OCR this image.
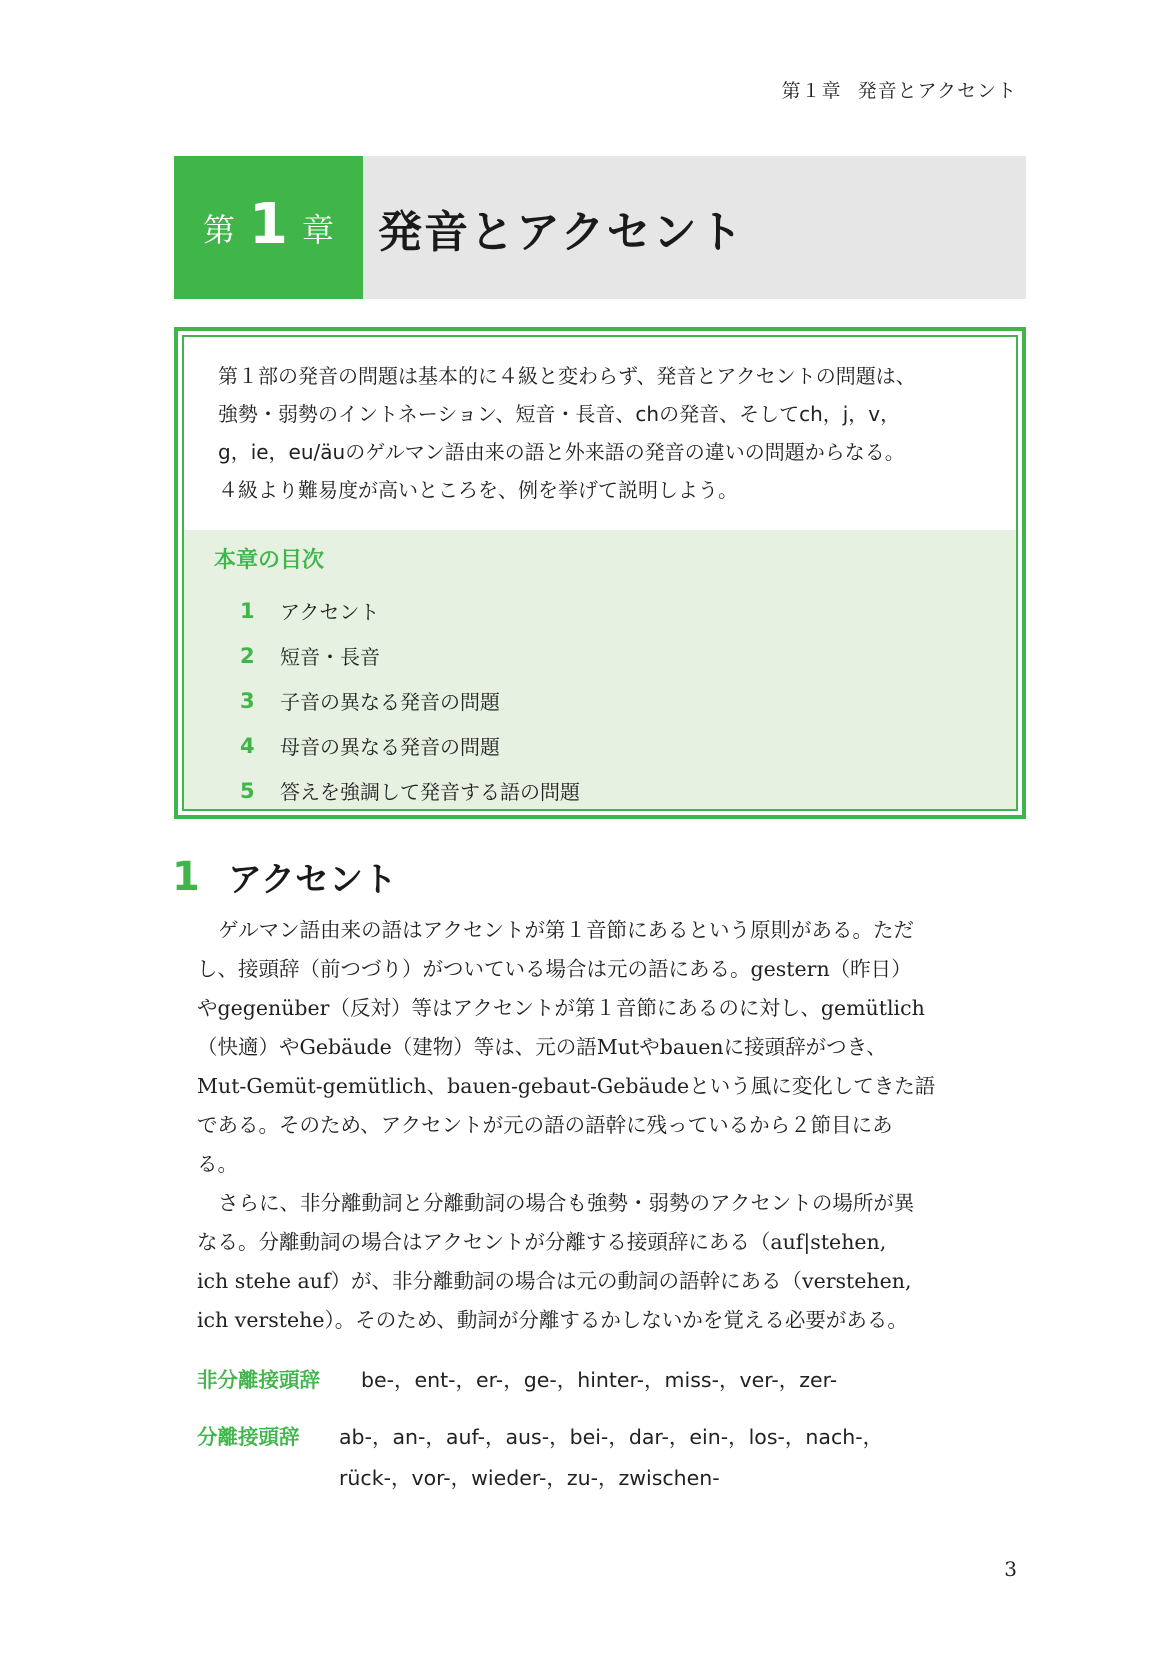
第１章 発音とアクセント
第 1 章 発音とアクセント

第１部の発音の問題は基本的に４級と変わらず、発音とアクセントの問題は、

強勢・弱勢のイントネーション、短音・長音、chの発音、そしてch，j，v，

g，ie，eu/äuのゲルマン語由来の語と外来語の発音の違いの問題からなる。

４級より難易度が高いところを、例を挙げて説明しよう。

本章の目次
1	アクセント
2	短音・長音
3	子音の異なる発音の問題
4	母音の異なる発音の問題
5	答えを強調して発音する語の問題
1 アクセント

ゲルマン語由来の語はアクセントが第１音節にあるという原則がある。ただ

し、接頭辞（前つづり）がついている場合は元の語にある。gestern（昨日）

やgegenüber（反対）等はアクセントが第１音節にあるのに対し、gemütlich

（快適）やGebäude（建物）等は、元の語Mutやbauenに接頭辞がつき、

Mut-Gemüt-gemütlich、bauen-gebaut-Gebäudeという風に変化してきた語

である。そのため、アクセントが元の語の語幹に残っているから２節目にあ

る。

さらに、非分離動詞と分離動詞の場合も強勢・弱勢のアクセントの場所が異

なる。分離動詞の場合はアクセントが分離する接頭辞にある（auf|stehen,

ich stehe auf）が、非分離動詞の場合は元の動詞の語幹にある（verstehen,

ich verstehe）。そのため、動詞が分離するかしないかを覚える必要がある。

非分離接頭辞	be-，ent-，er-，ge-，hinter-，miss-，ver-，zer-
分離接頭辞	ab-，an-，auf-，aus-，bei-，dar-，ein-，los-，nach-，
rück-，vor-，wieder-，zu-，zwischen-
3
